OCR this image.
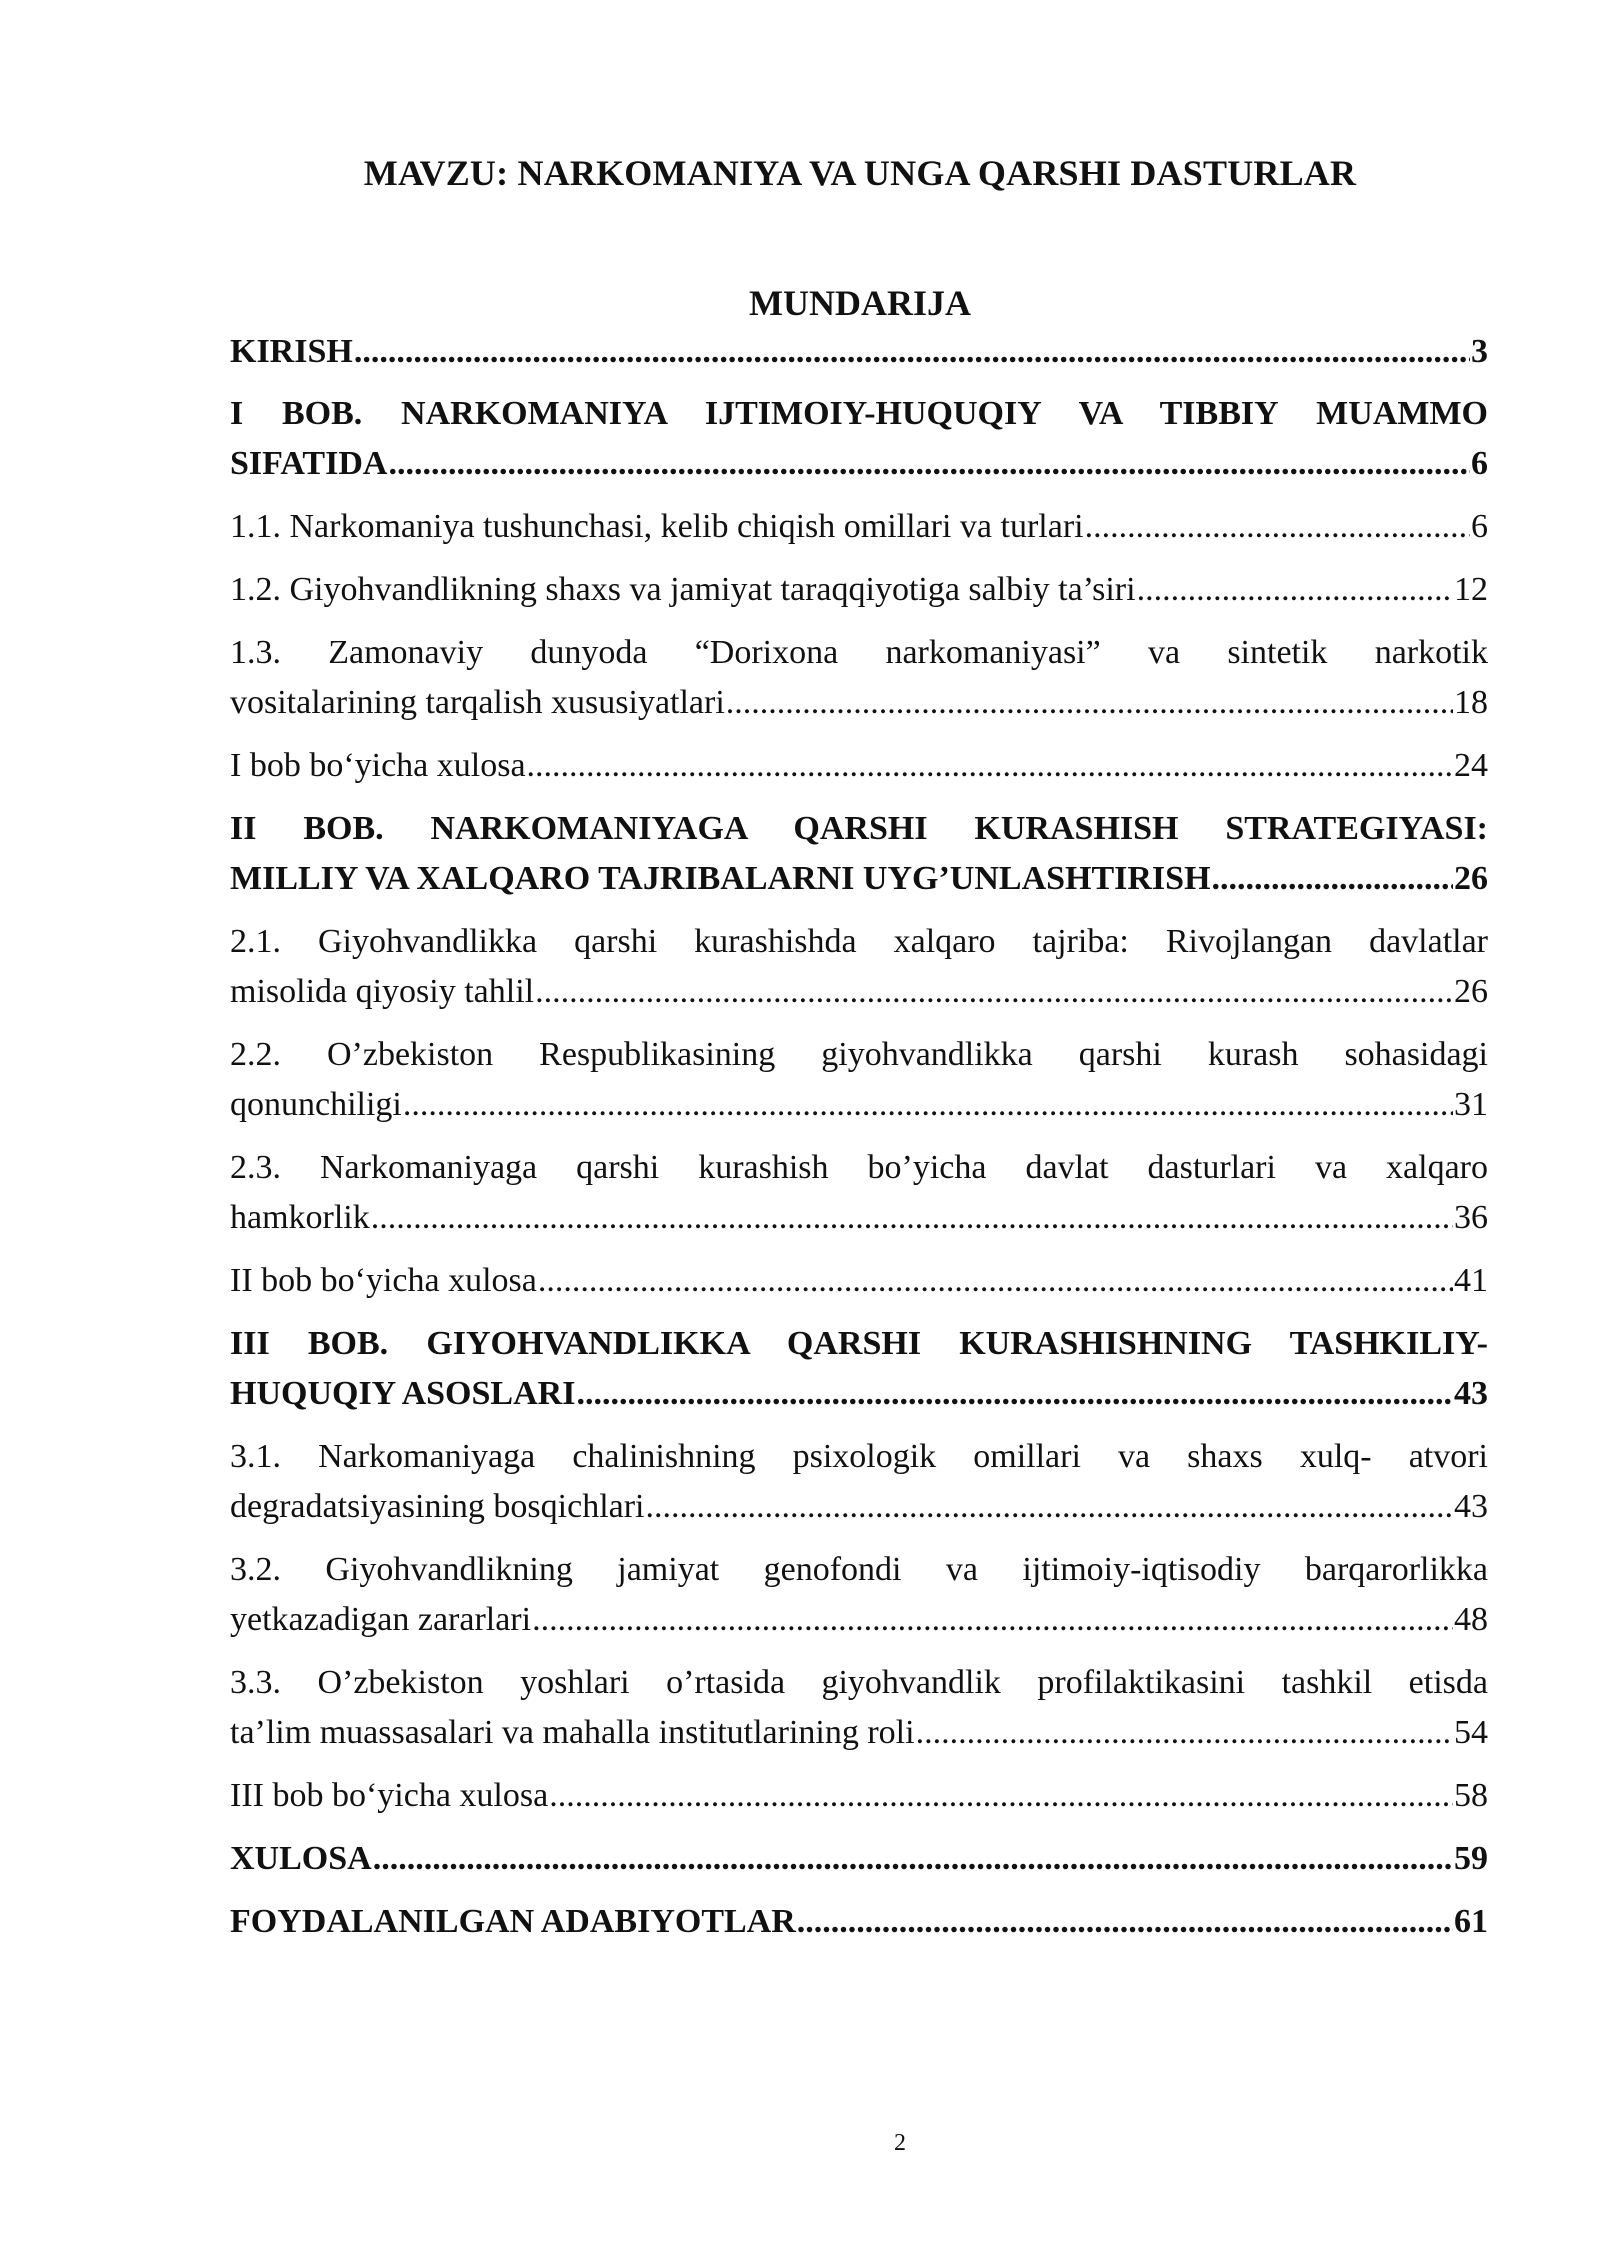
MAVZU: NARKOMANIYA VA UNGA QARSHI DASTURLAR
MUNDARIJA
KIRISH .....	3
I BOB. NARKOMANIYA IJTIMOIY-HUQUQIY VA TIBBIY MUAMMO
SIFATIDA .....	6
1.1. Narkomaniya tushunchasi, kelib chiqish omillari va turlari .....	6
1.2. Giyohvandlikning shaxs va jamiyat taraqqiyotiga salbiy ta’siri .....	12
1.3. Zamonaviy dunyoda “Dorixona narkomaniyasi” va sintetik narkotik
vositalarining tarqalish xususiyatlari .....	18
I bob bo‘yicha xulosa .....	24
II BOB. NARKOMANIYAGA QARSHI KURASHISH STRATEGIYASI:
MILLIY VA XALQARO TAJRIBALARNI UYG’UNLASHTIRISH .....	26
2.1. Giyohvandlikka qarshi kurashishda xalqaro tajriba: Rivojlangan davlatlar
misolida qiyosiy tahlil .....	26
2.2. O’zbekiston Respublikasining giyohvandlikka qarshi kurash sohasidagi
qonunchiligi .....	31
2.3. Narkomaniyaga qarshi kurashish bo’yicha davlat dasturlari va xalqaro
hamkorlik .....	36
II bob bo‘yicha xulosa .....	41
III BOB. GIYOHVANDLIKKA QARSHI KURASHISHNING TASHKILIY-
HUQUQIY ASOSLARI .....	43
3.1. Narkomaniyaga chalinishning psixologik omillari va shaxs xulq- atvori
degradatsiyasining bosqichlari .....	43
3.2. Giyohvandlikning jamiyat genofondi va ijtimoiy-iqtisodiy barqarorlikka
yetkazadigan zararlari .....	48
3.3. O’zbekiston yoshlari o’rtasida giyohvandlik profilaktikasini tashkil etisda
ta’lim muassasalari va mahalla institutlarining roli .....	54
III bob bo‘yicha xulosa .....	58
XULOSA .....	59
FOYDALANILGAN ADABIYOTLAR .....	61
2
